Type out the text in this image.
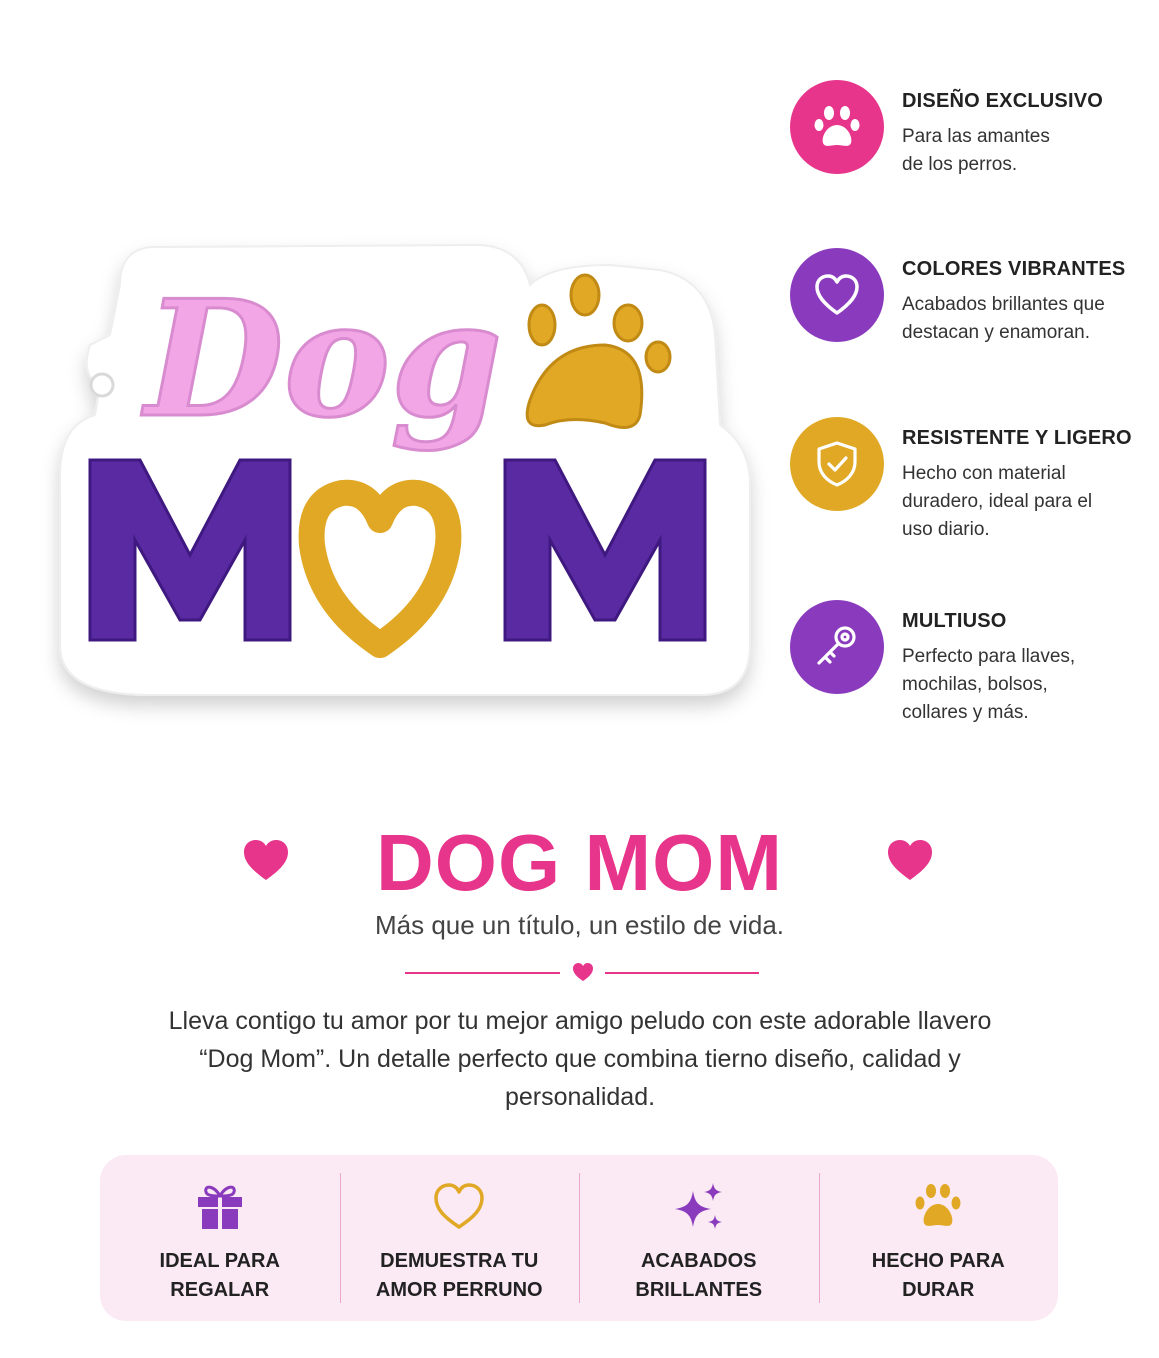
Dog
DISEÑO EXCLUSIVO
Para las amantes
de los perros.
COLORES VIBRANTES
Acabados brillantes que
destacan y enamoran.
RESISTENTE Y LIGERO
Hecho con material
duradero, ideal para el
uso diario.
MULTIUSO
Perfecto para llaves,
mochilas, bolsos,
collares y más.
DOG MOM
Más que un título, un estilo de vida.
Lleva contigo tu amor por tu mejor amigo peludo con este adorable llavero “Dog Mom”. Un detalle perfecto que combina tierno diseño, calidad y personalidad.
IDEAL PARA
REGALAR
DEMUESTRA TU
AMOR PERRUNO
ACABADOS
BRILLANTES
HECHO PARA
DURAR
